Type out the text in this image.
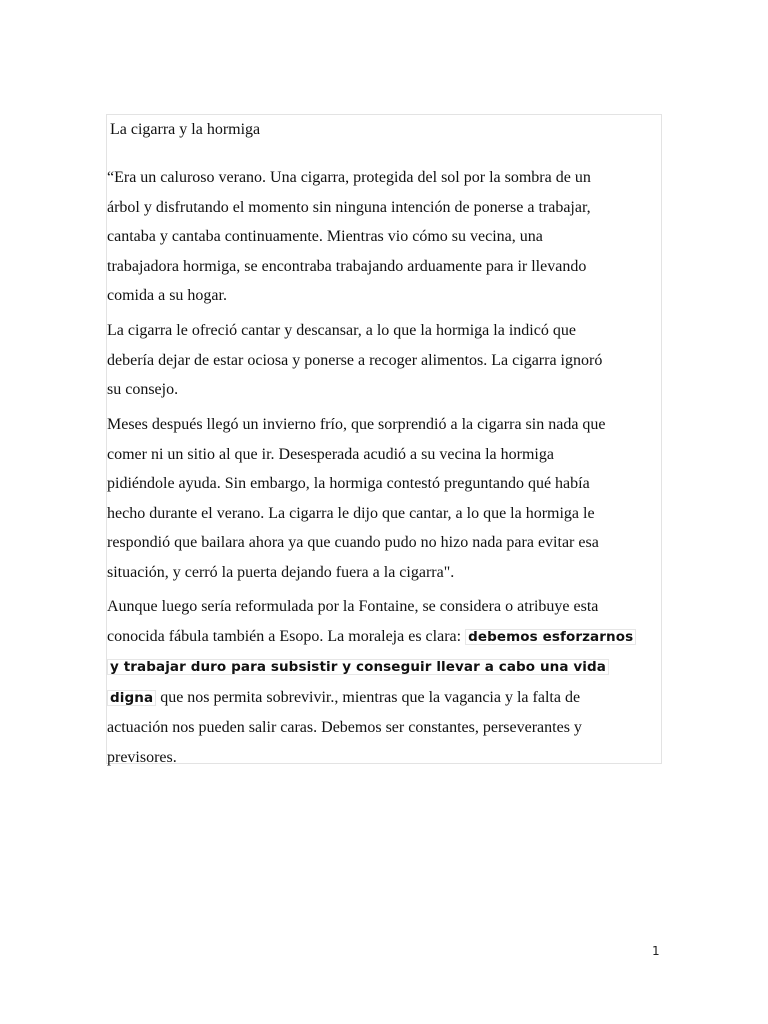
La cigarra y la hormiga

“Era un caluroso verano. Una cigarra, protegida del sol por la sombra de un
árbol y disfrutando el momento sin ninguna intención de ponerse a trabajar,
cantaba y cantaba continuamente. Mientras vio cómo su vecina, una
trabajadora hormiga, se encontraba trabajando arduamente para ir llevando
comida a su hogar.

La cigarra le ofreció cantar y descansar, a lo que la hormiga la indicó que
debería dejar de estar ociosa y ponerse a recoger alimentos. La cigarra ignoró
su consejo.

Meses después llegó un invierno frío, que sorprendió a la cigarra sin nada que
comer ni un sitio al que ir. Desesperada acudió a su vecina la hormiga
pidiéndole ayuda. Sin embargo, la hormiga contestó preguntando qué había
hecho durante el verano. La cigarra le dijo que cantar, a lo que la hormiga le
respondió que bailara ahora ya que cuando pudo no hizo nada para evitar esa
situación, y cerró la puerta dejando fuera a la cigarra".

Aunque luego sería reformulada por la Fontaine, se considera o atribuye esta
conocida fábula también a Esopo. La moraleja es clara: debemos esforzarnos
y trabajar duro para subsistir y conseguir llevar a cabo una vida
digna que nos permita sobrevivir., mientras que la vagancia y la falta de
actuación nos pueden salir caras. Debemos ser constantes, perseverantes y
previsores.

1
